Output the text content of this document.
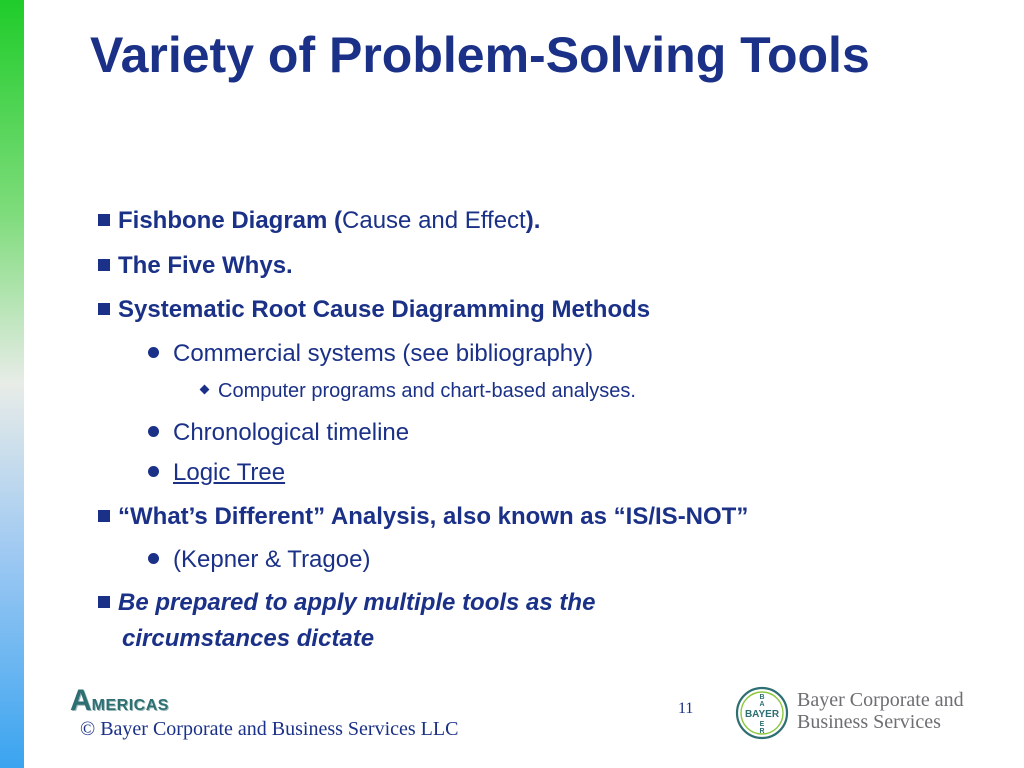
Variety of Problem-Solving Tools
Fishbone Diagram (Cause and Effect).
The Five Whys.
Systematic Root Cause Diagramming Methods
Commercial systems (see bibliography)
Computer programs and chart-based analyses.
Chronological timeline
Logic Tree
“What’s Different” Analysis, also known as “IS/IS-NOT”
(Kepner & Tragoe)
Be prepared to apply multiple tools as the
circumstances dictate
AMERICAS
© Bayer Corporate and Business Services LLC
11	BAYER
B
A
E
R
Bayer Corporate and
Business Services
